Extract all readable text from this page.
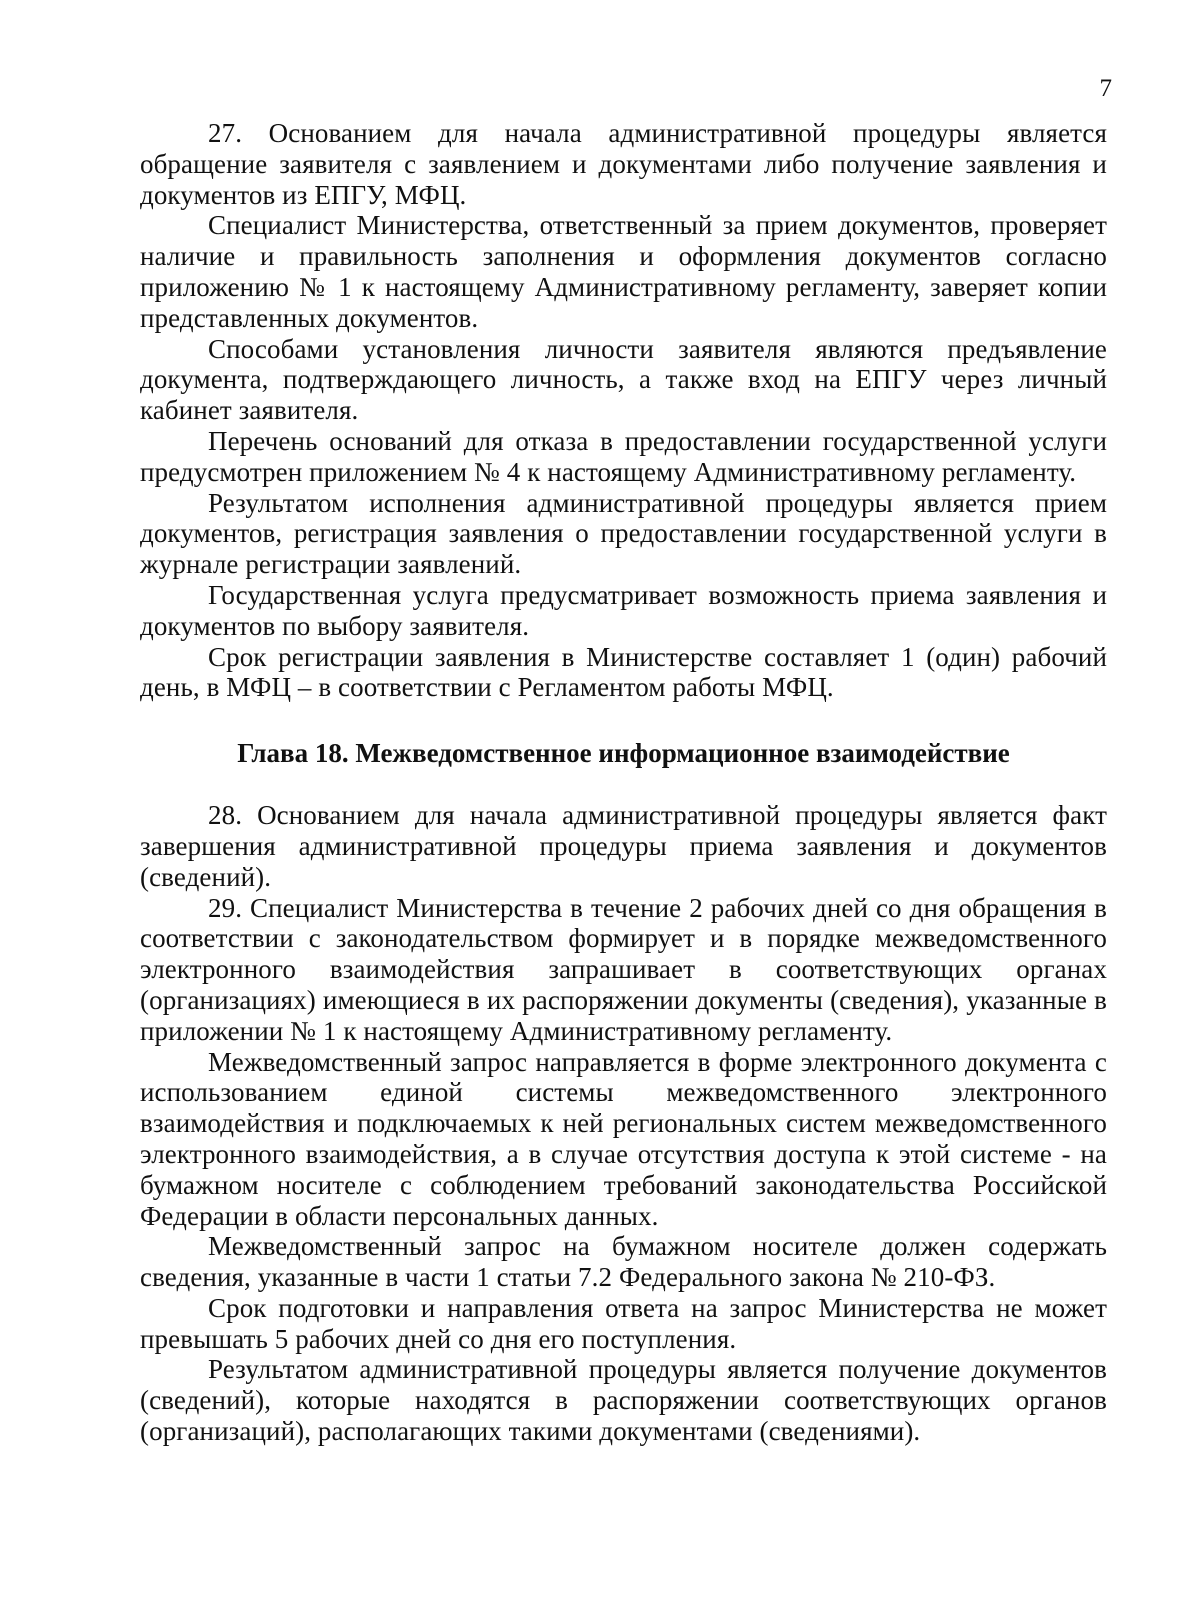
7

27. Основанием для начала административной процедуры является обращение заявителя с заявлением и документами либо получение заявления и документов из ЕПГУ, МФЦ.

Специалист Министерства, ответственный за прием документов, проверяет наличие и правильность заполнения и оформления документов согласно приложению № 1 к настоящему Административному регламенту, заверяет копии представленных документов.

Способами установления личности заявителя являются предъявление документа, подтверждающего личность, а также вход на ЕПГУ через личный кабинет заявителя.

Перечень оснований для отказа в предоставлении государственной услуги предусмотрен приложением № 4 к настоящему Административному регламенту.

Результатом исполнения административной процедуры является прием документов, регистрация заявления о предоставлении государственной услуги в журнале регистрации заявлений.

Государственная услуга предусматривает возможность приема заявления и документов по выбору заявителя.

Срок регистрации заявления в Министерстве составляет 1 (один) рабочий день, в МФЦ – в соответствии с Регламентом работы МФЦ.

Глава 18. Межведомственное информационное взаимодействие

28. Основанием для начала административной процедуры является факт завершения административной процедуры приема заявления и документов (сведений).

29. Специалист Министерства в течение 2 рабочих дней со дня обращения в соответствии с законодательством формирует и в порядке межведомственного электронного взаимодействия запрашивает в соответствующих органах (организациях) имеющиеся в их распоряжении документы (сведения), указанные в приложении № 1 к настоящему Административному регламенту.

Межведомственный запрос направляется в форме электронного документа с использованием единой системы межведомственного электронного взаимодействия и подключаемых к ней региональных систем межведомственного электронного взаимодействия, а в случае отсутствия доступа к этой системе - на бумажном носителе с соблюдением требований законодательства Российской Федерации в области персональных данных.

Межведомственный запрос на бумажном носителе должен содержать сведения, указанные в части 1 статьи 7.2 Федерального закона № 210-ФЗ.

Срок подготовки и направления ответа на запрос Министерства не может превышать 5 рабочих дней со дня его поступления.

Результатом административной процедуры является получение документов (сведений), которые находятся в распоряжении соответствующих органов (организаций), располагающих такими документами (сведениями).
